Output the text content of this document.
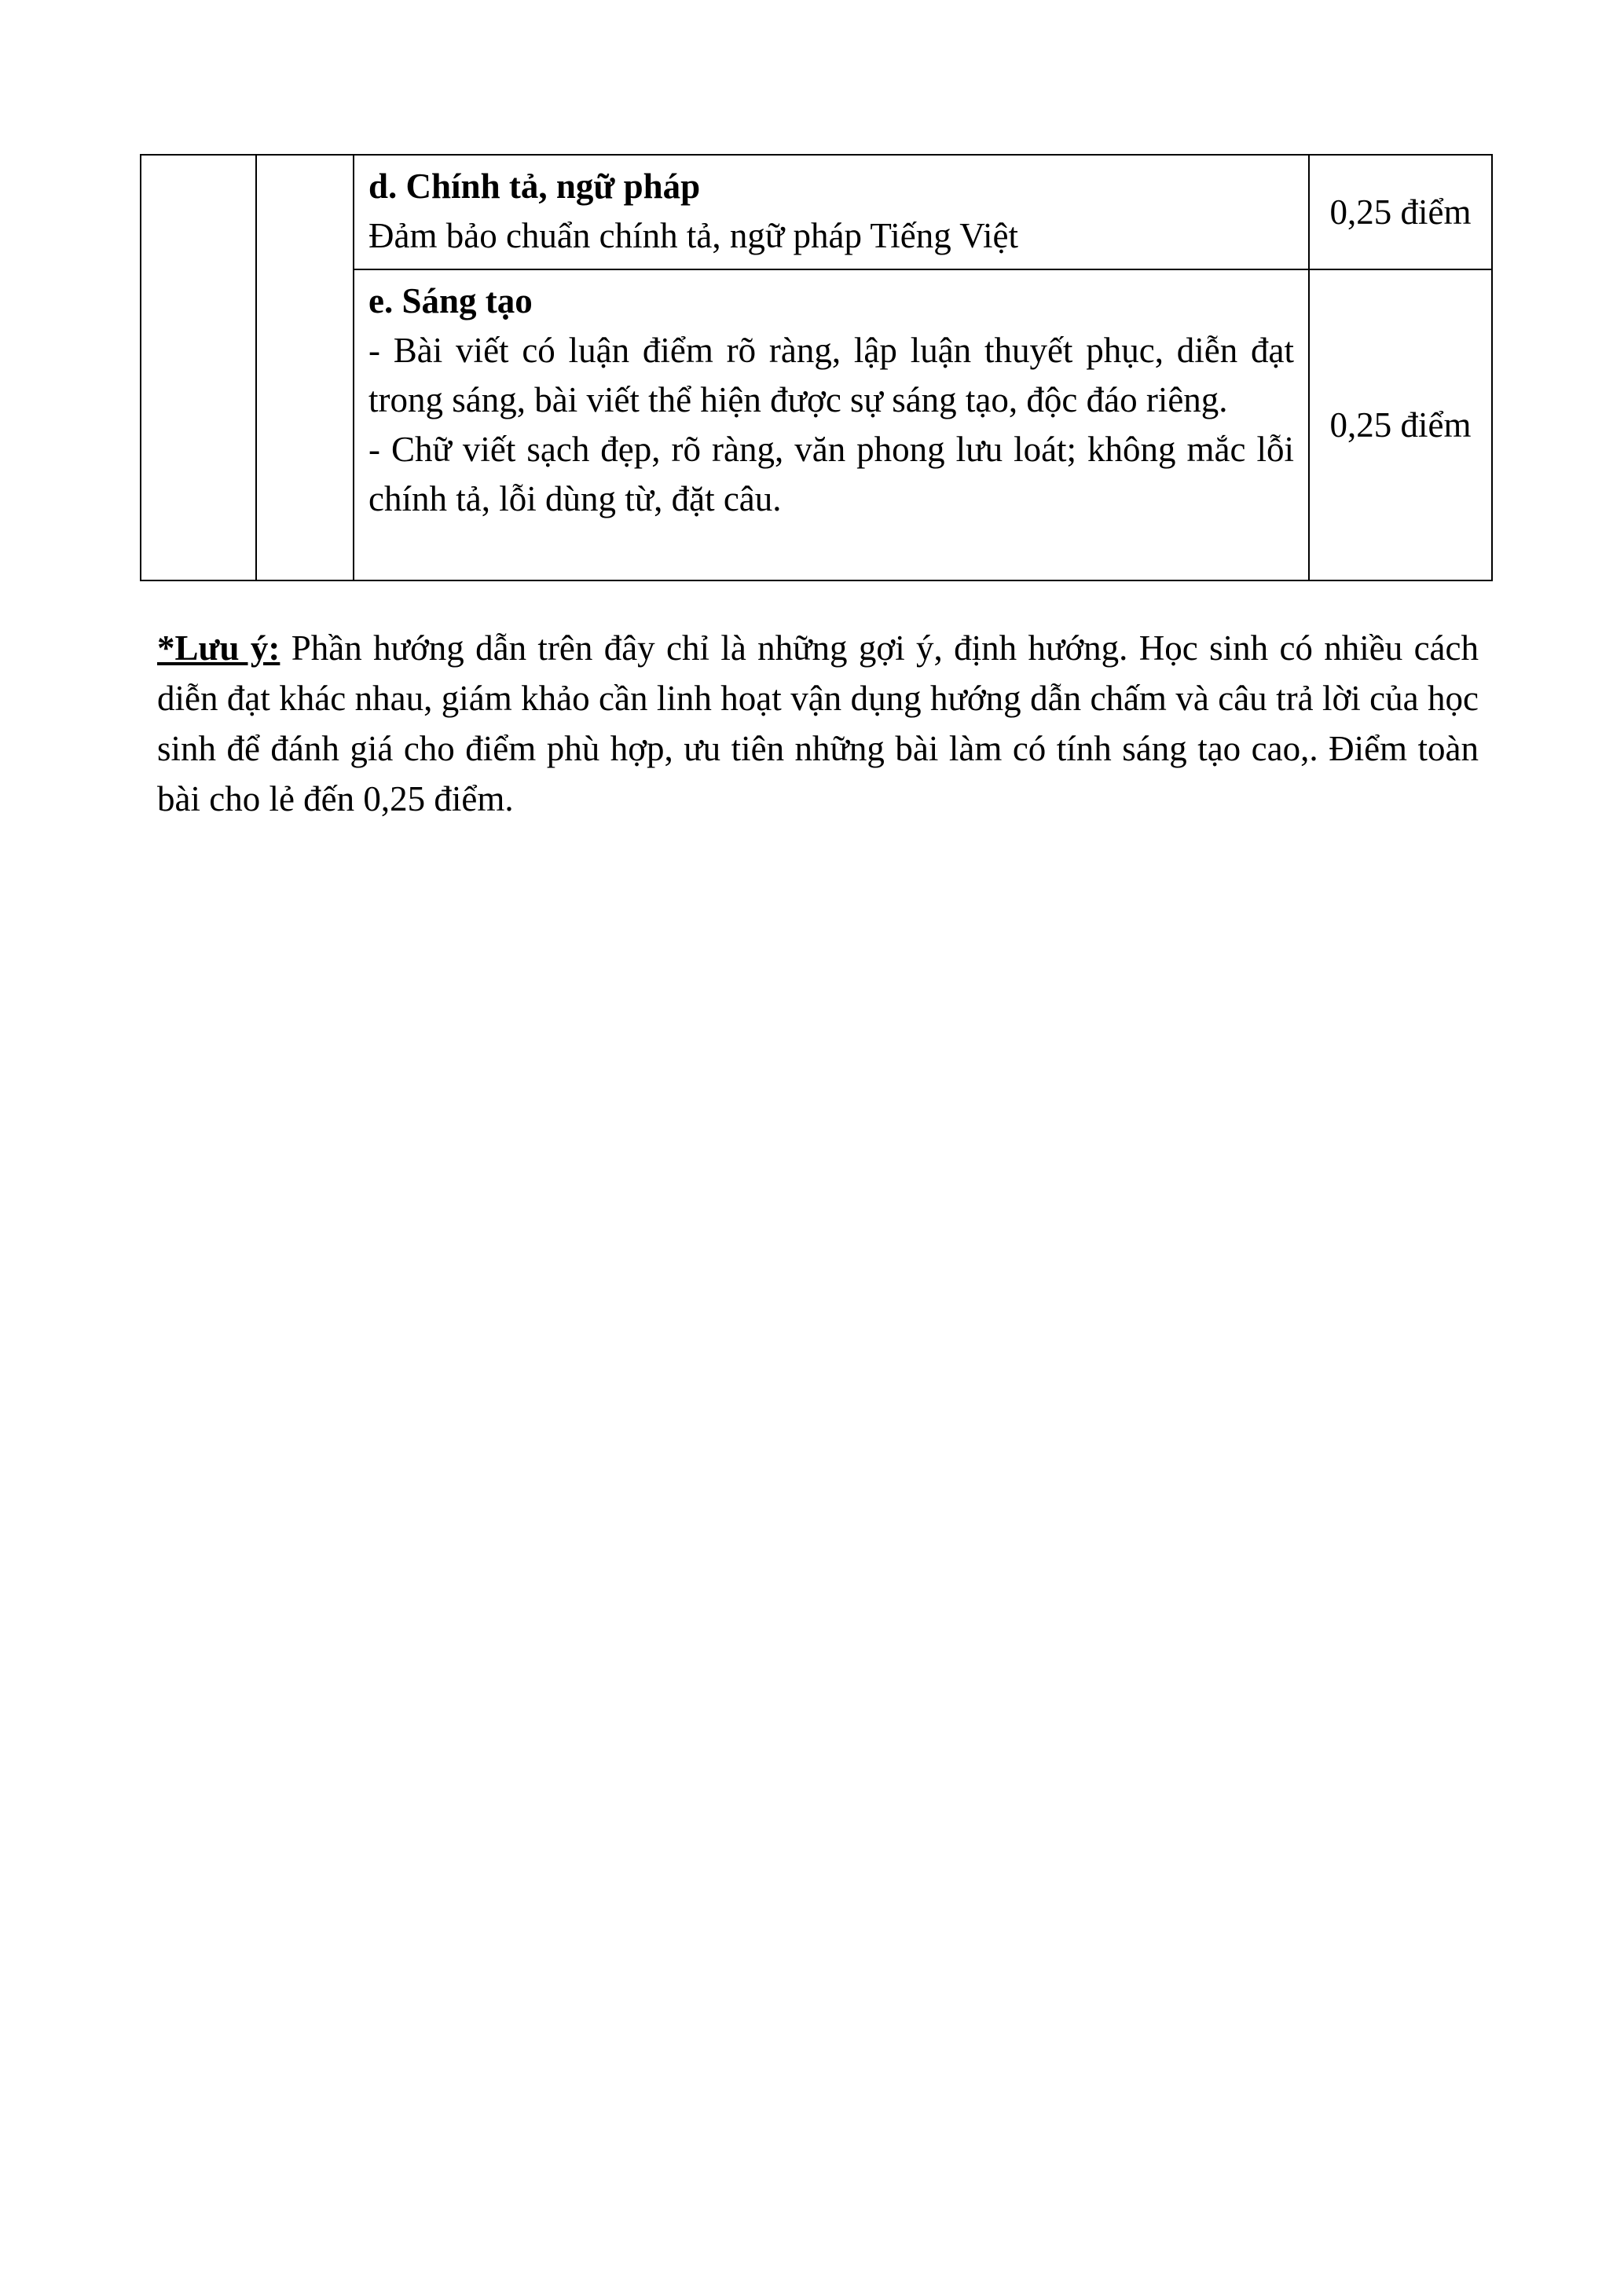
		d. Chính tả, ngữ pháp
Đảm bảo chuẩn chính tả, ngữ pháp Tiếng Việt	0,25 điểm

		e. Sáng tạo
- Bài viết có luận điểm rõ ràng, lập luận thuyết phục, diễn đạt trong sáng, bài viết thể hiện được sự sáng tạo, độc đáo riêng.
- Chữ viết sạch đẹp, rõ ràng, văn phong lưu loát; không mắc lỗi chính tả, lỗi dùng từ, đặt câu.	0,25 điểm
*Lưu ý: Phần hướng dẫn trên đây chỉ là những gợi ý, định hướng. Học sinh có nhiều cách diễn đạt khác nhau, giám khảo cần linh hoạt vận dụng hướng dẫn chấm và câu trả lời của học sinh để đánh giá cho điểm phù hợp, ưu tiên những bài làm có tính sáng tạo cao,. Điểm toàn bài cho lẻ đến 0,25 điểm.
